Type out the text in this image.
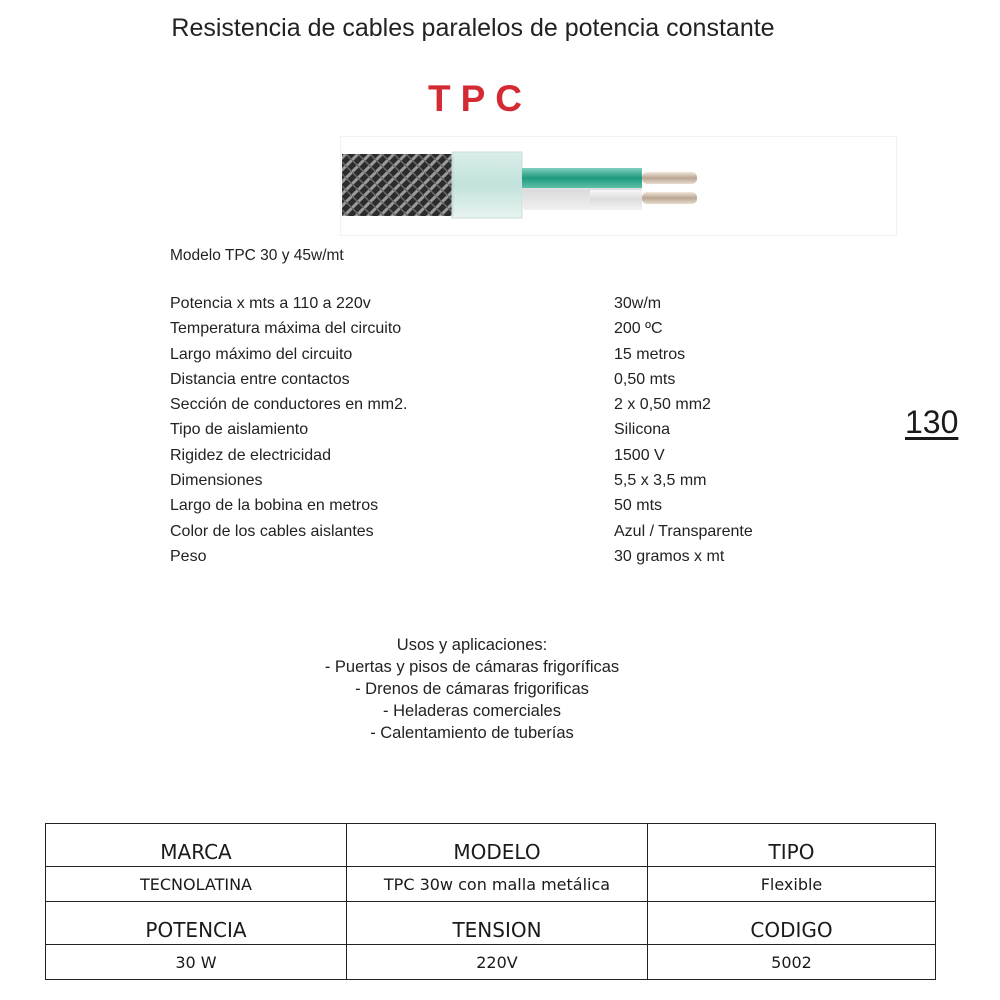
Resistencia de cables paralelos de potencia constante
TPC
Modelo TPC 30 y 45w/mt
Potencia x mts a 110 a 220v	30w/m
Temperatura máxima del circuito	200 ºC
Largo máximo del circuito	15 metros
Distancia entre contactos	0,50 mts
Sección de conductores en mm2.	2 x 0,50 mm2
Tipo de aislamiento	Silicona
Rigidez de electricidad	1500 V
Dimensiones	5,5 x 3,5 mm
Largo de la bobina en metros	50 mts
Color de los cables aislantes	Azul / Transparente
Peso	30 gramos x mt
130
Usos y aplicaciones:
- Puertas y pisos de cámaras frigoríficas
- Drenos de cámaras frigorificas
- Heladeras comerciales
- Calentamiento de tuberías
MARCA	MODELO	TIPO
TECNOLATINA	TPC 30w con malla metálica	Flexible
POTENCIA	TENSION	CODIGO
30 W	220V	5002
